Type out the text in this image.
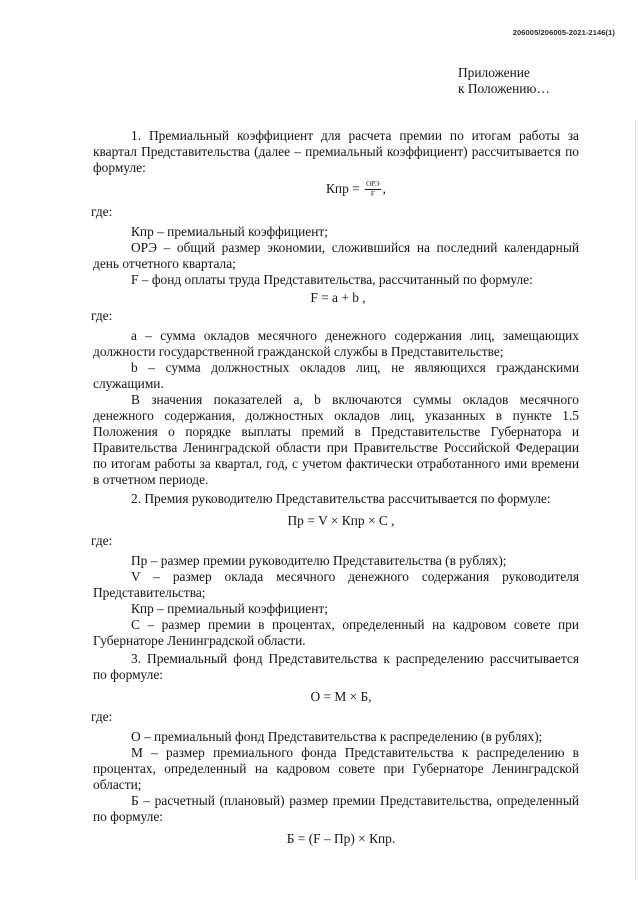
206005/206005-2021-2146(1)
Приложение
к Положению…

1. Премиальный коэффициент для расчета премии по итогам работы за квартал Представительства (далее – премиальный коэффициент) рассчитывается по формуле:

Кпр = $\frac{\text{ОРЭ}}{F}$ ,

где:

Кпр – премиальный коэффициент;

ОРЭ – общий размер экономии, сложившийся на последний календарный день отчетного квартала;

F – фонд оплаты труда Представительства, рассчитанный по формуле:

F = a + b ,

где:

а – сумма окладов месячного денежного содержания лиц, замещающих должности государственной гражданской службы в Представительстве;

b – сумма должностных окладов лиц, не являющихся гражданскими служащими.

В значения показателей a, b включаются суммы окладов месячного денежного содержания, должностных окладов лиц, указанных в пункте 1.5 Положения о порядке выплаты премий в Представительстве Губернатора и Правительства Ленинградской области при Правительстве Российской Федерации по итогам работы за квартал, год, с учетом фактически отработанного ими времени в отчетном периоде.

2. Премия руководителю Представительства рассчитывается по формуле:

Пр = V × Кпр × С ,

где:

Пр – размер премии руководителю Представительства (в рублях);

V – размер оклада месячного денежного содержания руководителя Представительства;

Кпр – премиальный коэффициент;

С – размер премии в процентах, определенный на кадровом совете при Губернаторе Ленинградской области.

3. Премиальный фонд Представительства к распределению рассчитывается по формуле:

О = М × Б,

где:

О – премиальный фонд Представительства к распределению (в рублях);

М – размер премиального фонда Представительства к распределению в процентах, определенный на кадровом совете при Губернаторе Ленинградской области;

Б – расчетный (плановый) размер премии Представительства, определенный по формуле:

Б = (F – Пр) × Кпр.
